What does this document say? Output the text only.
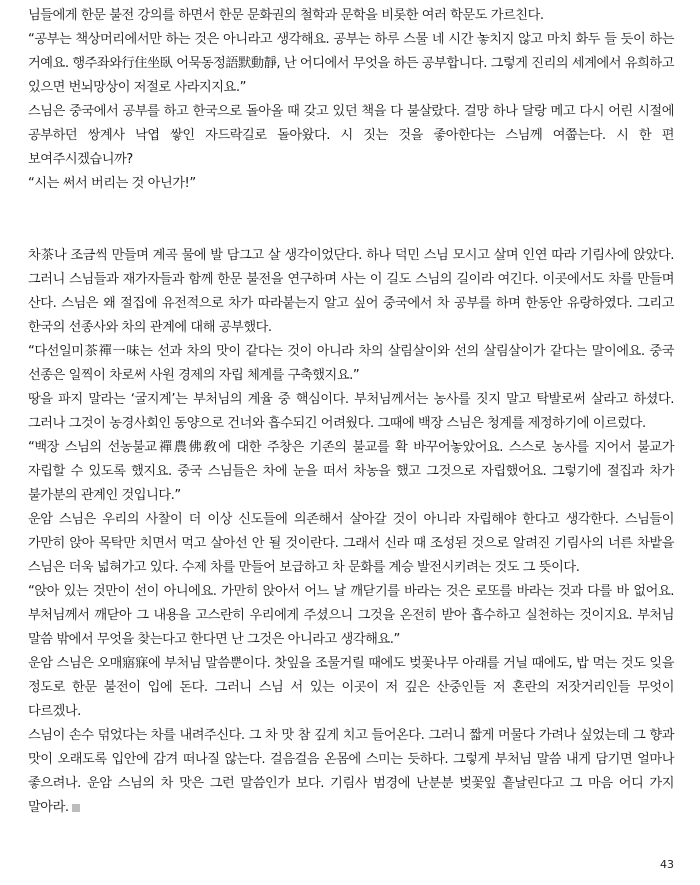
님들에게 한문 불전 강의를 하면서 한문 문화권의 철학과 문학을 비롯한 여러 학문도 가르친다.

“공부는 책상머리에서만 하는 것은 아니라고 생각해요. 공부는 하루 스물 네 시간 놓치지 않고 마치 화두 들 듯이 하는 거예요. 행주좌와行住坐臥 어묵동정語默動靜, 난 어디에서 무엇을 하든 공부합니다. 그렇게 진리의 세계에서 유희하고 있으면 번뇌망상이 저절로 사라지지요.”

스님은 중국에서 공부를 하고 한국으로 돌아올 때 갖고 있던 책을 다 불살랐다. 걸망 하나 달랑 메고 다시 어린 시절에 공부하던 쌍계사 낙엽 쌓인 자드락길로 돌아왔다. 시 짓는 것을 좋아한다는 스님께 여쭙는다. 시 한 편 보여주시겠습니까?

“시는 써서 버리는 것 아닌가!”

차茶나 조금씩 만들며 계곡 물에 발 담그고 살 생각이었단다. 하나 덕민 스님 모시고 살며 인연 따라 기림사에 앉았다. 그러니 스님들과 재가자들과 함께 한문 불전을 연구하며 사는 이 길도 스님의 길이라 여긴다. 이곳에서도 차를 만들며 산다. 스님은 왜 절집에 유전적으로 차가 따라붙는지 알고 싶어 중국에서 차 공부를 하며 한동안 유랑하였다. 그리고 한국의 선종사와 차의 관계에 대해 공부했다.

“다선일미茶禪一味는 선과 차의 맛이 같다는 것이 아니라 차의 살림살이와 선의 살림살이가 같다는 말이에요. 중국 선종은 일찍이 차로써 사원 경제의 자립 체계를 구축했지요.”

땅을 파지 말라는 ‘굴지계’는 부처님의 계율 중 핵심이다. 부처님께서는 농사를 짓지 말고 탁발로써 살라고 하셨다. 그러나 그것이 농경사회인 동양으로 건너와 흡수되긴 어려웠다. 그때에 백장 스님은 청계를 제정하기에 이르렀다.

“백장 스님의 선농불교禪農佛敎에 대한 주창은 기존의 불교를 확 바꾸어놓았어요. 스스로 농사를 지어서 불교가 자립할 수 있도록 했지요. 중국 스님들은 차에 눈을 떠서 차농을 했고 그것으로 자립했어요. 그렇기에 절집과 차가 불가분의 관계인 것입니다.”

운암 스님은 우리의 사찰이 더 이상 신도들에 의존해서 살아갈 것이 아니라 자립해야 한다고 생각한다. 스님들이 가만히 앉아 목탁만 치면서 먹고 살아선 안 될 것이란다. 그래서 신라 때 조성된 것으로 알려진 기림사의 너른 차밭을 스님은 더욱 넓혀가고 있다. 수제 차를 만들어 보급하고 차 문화를 계승 발전시키려는 것도 그 뜻이다.

“앉아 있는 것만이 선이 아니에요. 가만히 앉아서 어느 날 깨닫기를 바라는 것은 로또를 바라는 것과 다를 바 없어요. 부처님께서 깨닫아 그 내용을 고스란히 우리에게 주셨으니 그것을 온전히 받아 흡수하고 실천하는 것이지요. 부처님 말씀 밖에서 무엇을 찾는다고 한다면 난 그것은 아니라고 생각해요.”

운암 스님은 오매寤寐에 부처님 말씀뿐이다. 찻잎을 조물거릴 때에도 벚꽃나무 아래를 거닐 때에도, 밥 먹는 것도 잊을 정도로 한문 불전이 입에 돈다. 그러니 스님 서 있는 이곳이 저 깊은 산중인들 저 혼란의 저잣거리인들 무엇이 다르겠나.

스님이 손수 덖었다는 차를 내려주신다. 그 차 맛 참 깊게 치고 들어온다. 그러니 짧게 머물다 가려나 싶었는데 그 향과 맛이 오래도록 입안에 감겨 떠나질 않는다. 걸음걸음 온몸에 스미는 듯하다. 그렇게 부처님 말씀 내게 담기면 얼마나 좋으려나. 운암 스님의 차 맛은 그런 말씀인가 보다. 기림사 범경에 난분분 벚꽃잎 흩날린다고 그 마음 어디 가지 말아라.

43
